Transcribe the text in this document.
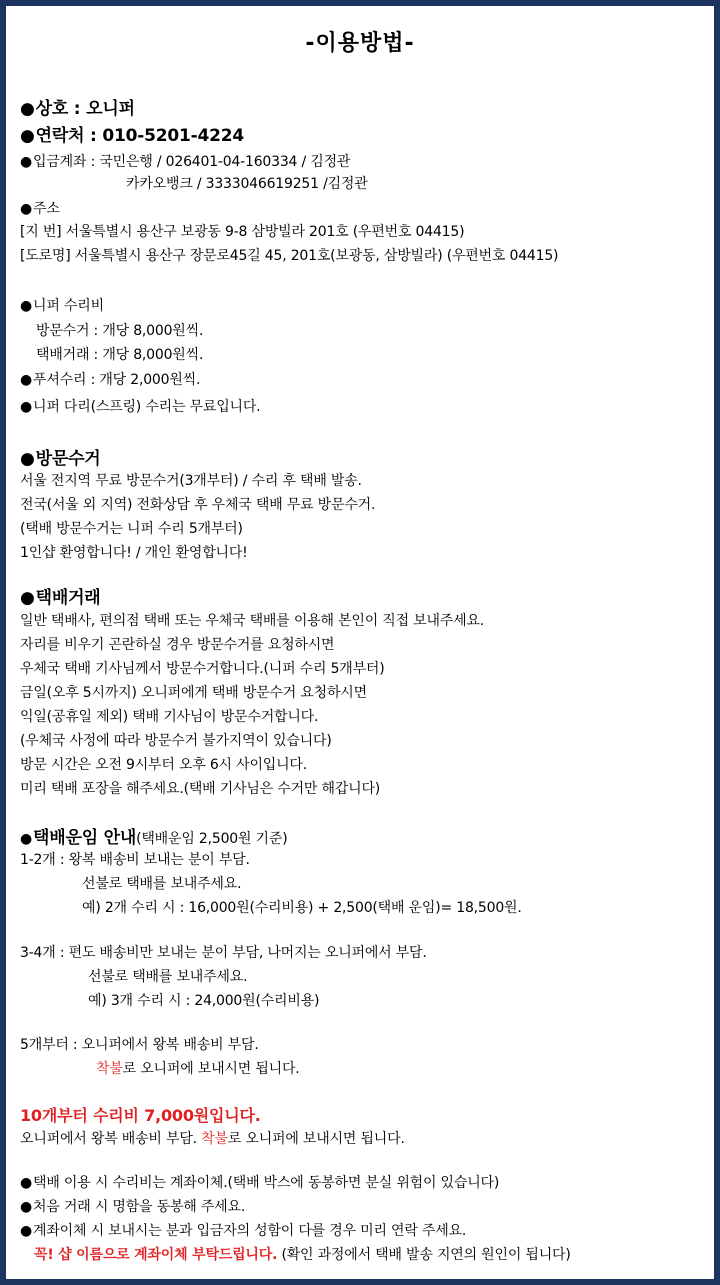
-이용방법-
●상호 : 오니퍼
●연락처 : 010-5201-4224
●입금계좌 : 국민은행 / 026401-04-160334 / 김정관
카카오뱅크 / 3333046619251 /김정관
●주소
[지 번] 서울특별시 용산구 보광동 9-8 삼방빌라 201호 (우편번호 04415)
[도로명] 서울특별시 용산구 장문로45길 45, 201호(보광동, 삼방빌라) (우편번호 04415)
●니퍼 수리비
방문수거 : 개당 8,000원씩.
택배거래 : 개당 8,000원씩.
●푸셔수리 : 개당 2,000원씩.
●니퍼 다리(스프링) 수리는 무료입니다.
●방문수거
서울 전지역 무료 방문수거(3개부터) / 수리 후 택배 발송.
전국(서울 외 지역) 전화상담 후 우체국 택배 무료 방문수거.
(택배 방문수거는 니퍼 수리 5개부터)
1인샵 환영합니다! / 개인 환영합니다!
●택배거래
일반 택배사, 편의점 택배 또는 우체국 택배를 이용해 본인이 직접 보내주세요.
자리를 비우기 곤란하실 경우 방문수거를 요청하시면
우체국 택배 기사님께서 방문수거합니다.(니퍼 수리 5개부터)
금일(오후 5시까지) 오니퍼에게 택배 방문수거 요청하시면
익일(공휴일 제외) 택배 기사님이 방문수거합니다.
(우체국 사정에 따라 방문수거 불가지역이 있습니다)
방문 시간은 오전 9시부터 오후 6시 사이입니다.
미리 택배 포장을 해주세요.(택배 기사님은 수거만 해갑니다)
●택배운임 안내(택배운임 2,500원 기준)
1-2개 : 왕복 배송비 보내는 분이 부담.
선불로 택배를 보내주세요.
예) 2개 수리 시 : 16,000원(수리비용) + 2,500(택배 운임)= 18,500원.
3-4개 : 편도 배송비만 보내는 분이 부담, 나머지는 오니퍼에서 부담.
선불로 택배를 보내주세요.
예) 3개 수리 시 : 24,000원(수리비용)
5개부터 : 오니퍼에서 왕복 배송비 부담.
착불로 오니퍼에 보내시면 됩니다.
10개부터 수리비 7,000원입니다.
오니퍼에서 왕복 배송비 부담. 착불로 오니퍼에 보내시면 됩니다.
●택배 이용 시 수리비는 계좌이체.(택배 박스에 동봉하면 분실 위험이 있습니다)
●처음 거래 시 명함을 동봉해 주세요.
●계좌이체 시 보내시는 분과 입금자의 성함이 다를 경우 미리 연락 주세요.
꼭! 샵 이름으로 계좌이체 부탁드립니다. (확인 과정에서 택배 발송 지연의 원인이 됩니다)
